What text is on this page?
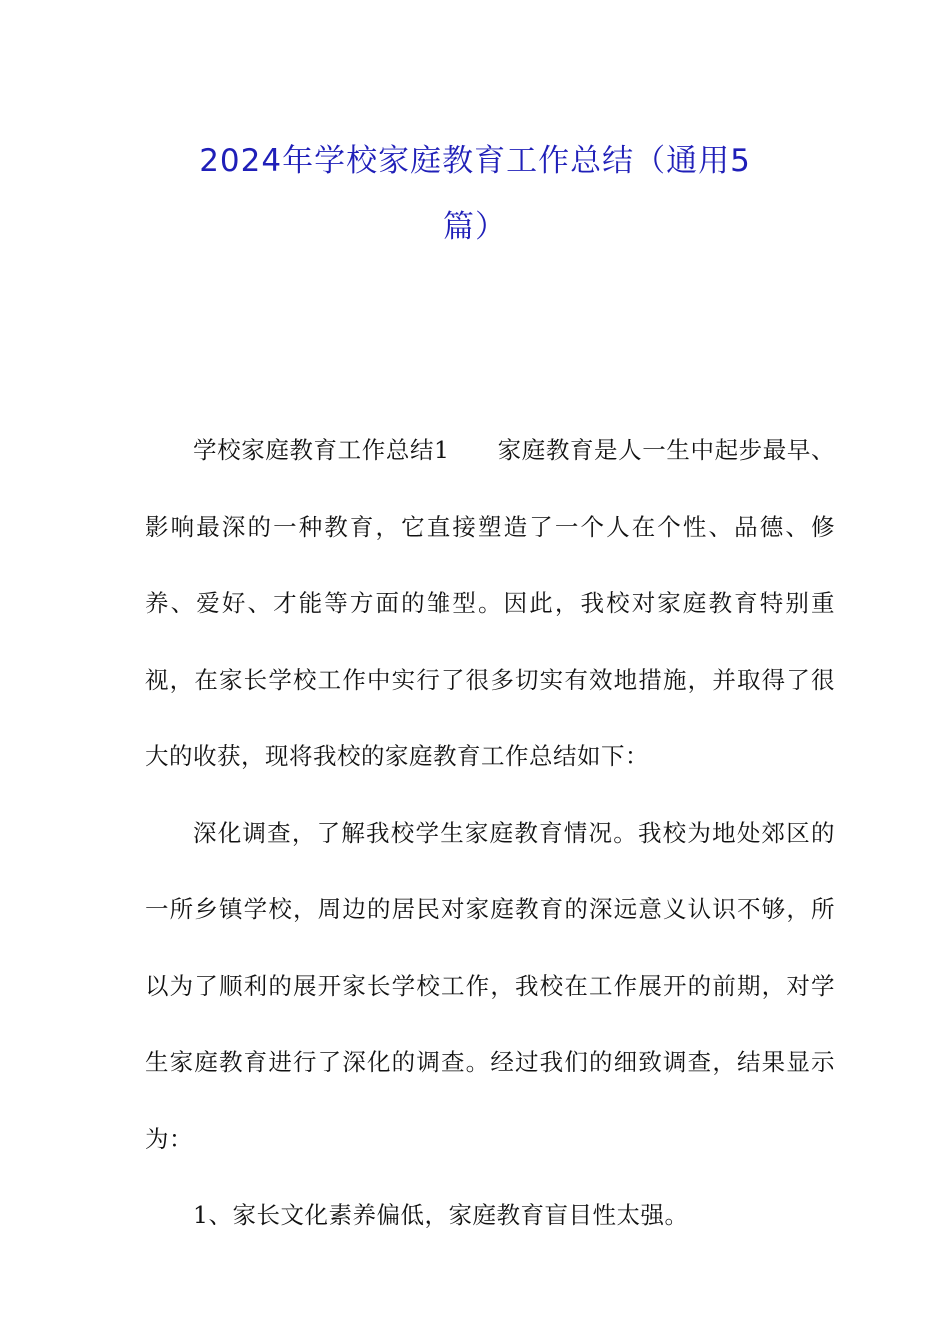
2024年学校家庭教育工作总结（通用5
篇）

学校家庭教育工作总结1 家庭教育是人一生中起步最早、影响最深的一种教育，它直接塑造了一个人在个性、品德、修养、爱好、才能等方面的雏型。因此，我校对家庭教育特别重视，在家长学校工作中实行了很多切实有效地措施，并取得了很大的收获，现将我校的家庭教育工作总结如下：

深化调查，了解我校学生家庭教育情况。我校为地处郊区的一所乡镇学校，周边的居民对家庭教育的深远意义认识不够，所以为了顺利的展开家长学校工作，我校在工作展开的前期，对学生家庭教育进行了深化的调查。经过我们的细致调查，结果显示为：

1、家长文化素养偏低，家庭教育盲目性太强。
